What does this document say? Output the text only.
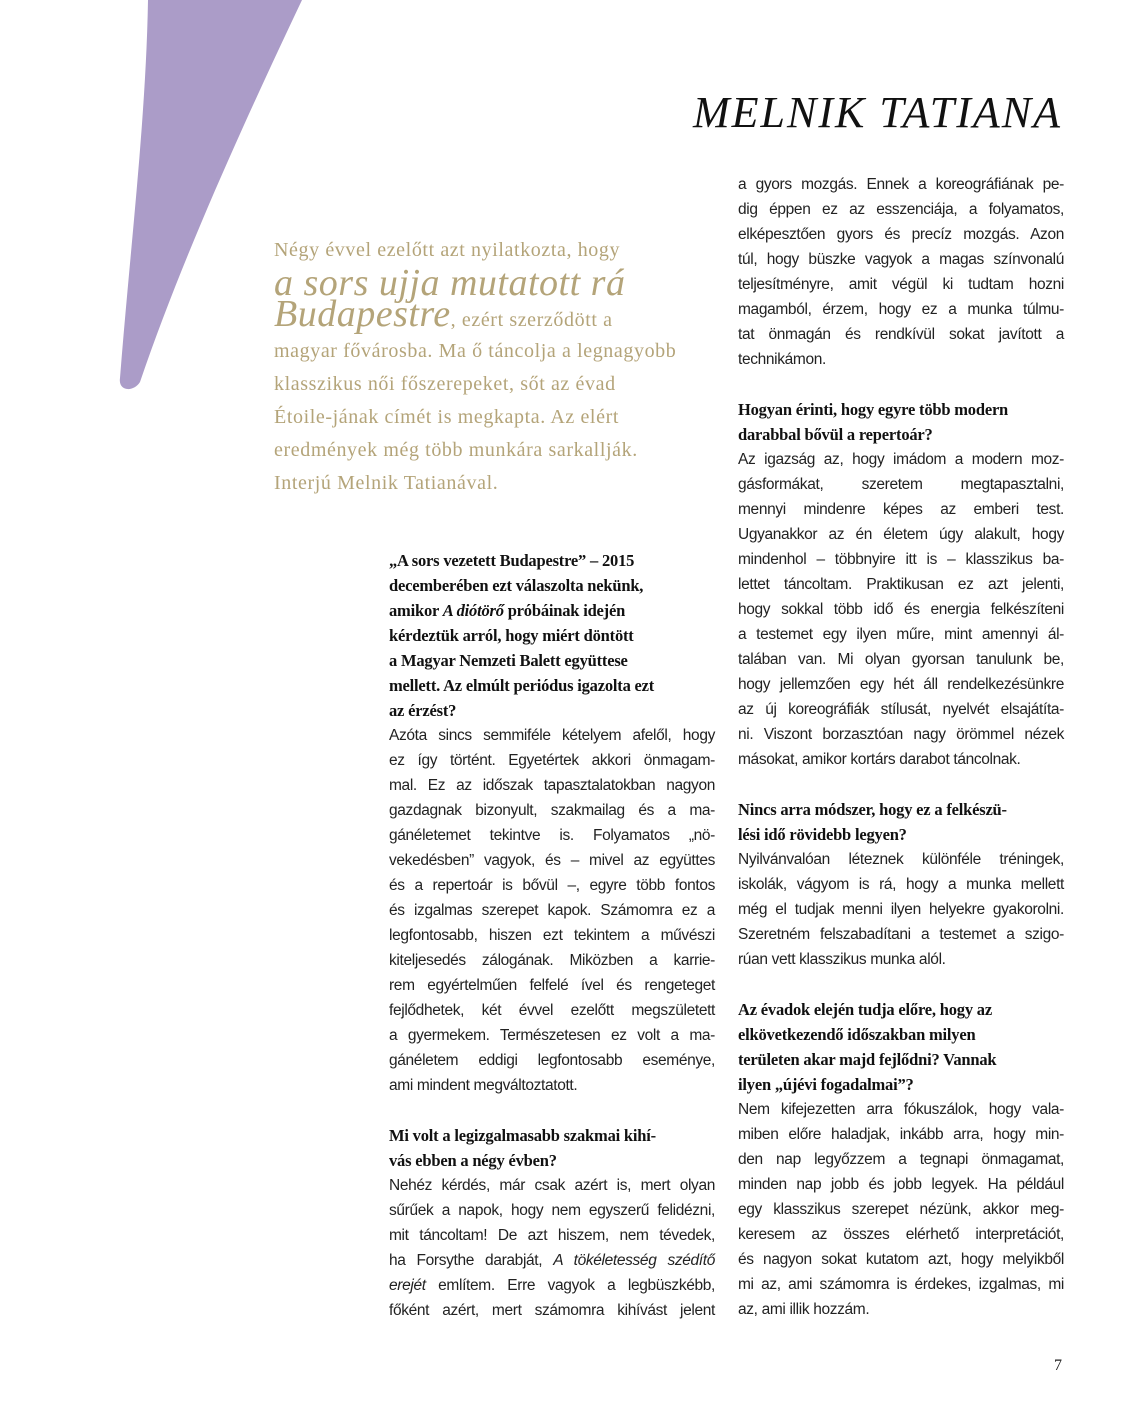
MELNIK TATIANA
Négy évvel ezelőtt azt nyilatkozta, hogy
a sors ujja mutatott rá
Budapestre, ezért szerződött a
magyar fővárosba. Ma ő táncolja a legnagyobb
klasszikus női főszerepeket, sőt az évad
Étoile-jának címét is megkapta. Az elért
eredmények még több munkára sarkallják.
Interjú Melnik Tatianával.
„A sors vezetett Budapestre” – 2015
decemberében ezt válaszolta nekünk,
amikor A diótörő próbáinak idején
kérdeztük arról, hogy miért döntött
a Magyar Nemzeti Balett együttese
mellett. Az elmúlt periódus igazolta ezt
az érzést?
Azóta sincs semmiféle kételyem afelől, hogy
ez így történt. Egyetértek akkori önmagam-
mal. Ez az időszak tapasztalatokban nagyon
gazdagnak bizonyult, szakmailag és a ma-
gánéletemet tekintve is. Folyamatos „nö-
vekedésben” vagyok, és – mivel az együttes
és a repertoár is bővül –, egyre több fontos
és izgalmas szerepet kapok. Számomra ez a
legfontosabb, hiszen ezt tekintem a művészi
kiteljesedés zálogának. Miközben a karrie-
rem egyértelműen felfelé ível és rengeteget
fejlődhetek, két évvel ezelőtt megszületett
a gyermekem. Természetesen ez volt a ma-
gánéletem eddigi legfontosabb eseménye,
ami mindent megváltoztatott.
Mi volt a legizgalmasabb szakmai kihí-
vás ebben a négy évben?
Nehéz kérdés, már csak azért is, mert olyan
sűrűek a napok, hogy nem egyszerű felidézni,
mit táncoltam! De azt hiszem, nem tévedek,
ha Forsythe darabját, A tökéletesség szédítő
erejét említem. Erre vagyok a legbüszkébb,
főként azért, mert számomra kihívást jelent
a gyors mozgás. Ennek a koreográfiának pe-
dig éppen ez az esszenciája, a folyamatos,
elképesztően gyors és precíz mozgás. Azon
túl, hogy büszke vagyok a magas színvonalú
teljesítményre, amit végül ki tudtam hozni
magamból, érzem, hogy ez a munka túlmu-
tat önmagán és rendkívül sokat javított a
technikámon.
Hogyan érinti, hogy egyre több modern
darabbal bővül a repertoár?
Az igazság az, hogy imádom a modern moz-
gásformákat, szeretem megtapasztalni,
mennyi mindenre képes az emberi test.
Ugyanakkor az én életem úgy alakult, hogy
mindenhol – többnyire itt is – klasszikus ba-
lettet táncoltam. Praktikusan ez azt jelenti,
hogy sokkal több idő és energia felkészíteni
a testemet egy ilyen műre, mint amennyi ál-
talában van. Mi olyan gyorsan tanulunk be,
hogy jellemzően egy hét áll rendelkezésünkre
az új koreográfiák stílusát, nyelvét elsajátíta-
ni. Viszont borzasztóan nagy örömmel nézek
másokat, amikor kortárs darabot táncolnak.
Nincs arra módszer, hogy ez a felkészü-
lési idő rövidebb legyen?
Nyilvánvalóan léteznek különféle tréningek,
iskolák, vágyom is rá, hogy a munka mellett
még el tudjak menni ilyen helyekre gyakorolni.
Szeretném felszabadítani a testemet a szigo-
rúan vett klasszikus munka alól.
Az évadok elején tudja előre, hogy az
elkövetkezendő időszakban milyen
területen akar majd fejlődni? Vannak
ilyen „újévi fogadalmai”?
Nem kifejezetten arra fókuszálok, hogy vala-
miben előre haladjak, inkább arra, hogy min-
den nap legyőzzem a tegnapi önmagamat,
minden nap jobb és jobb legyek. Ha például
egy klasszikus szerepet nézünk, akkor meg-
keresem az összes elérhető interpretációt,
és nagyon sokat kutatom azt, hogy melyikből
mi az, ami számomra is érdekes, izgalmas, mi
az, ami illik hozzám.
7
